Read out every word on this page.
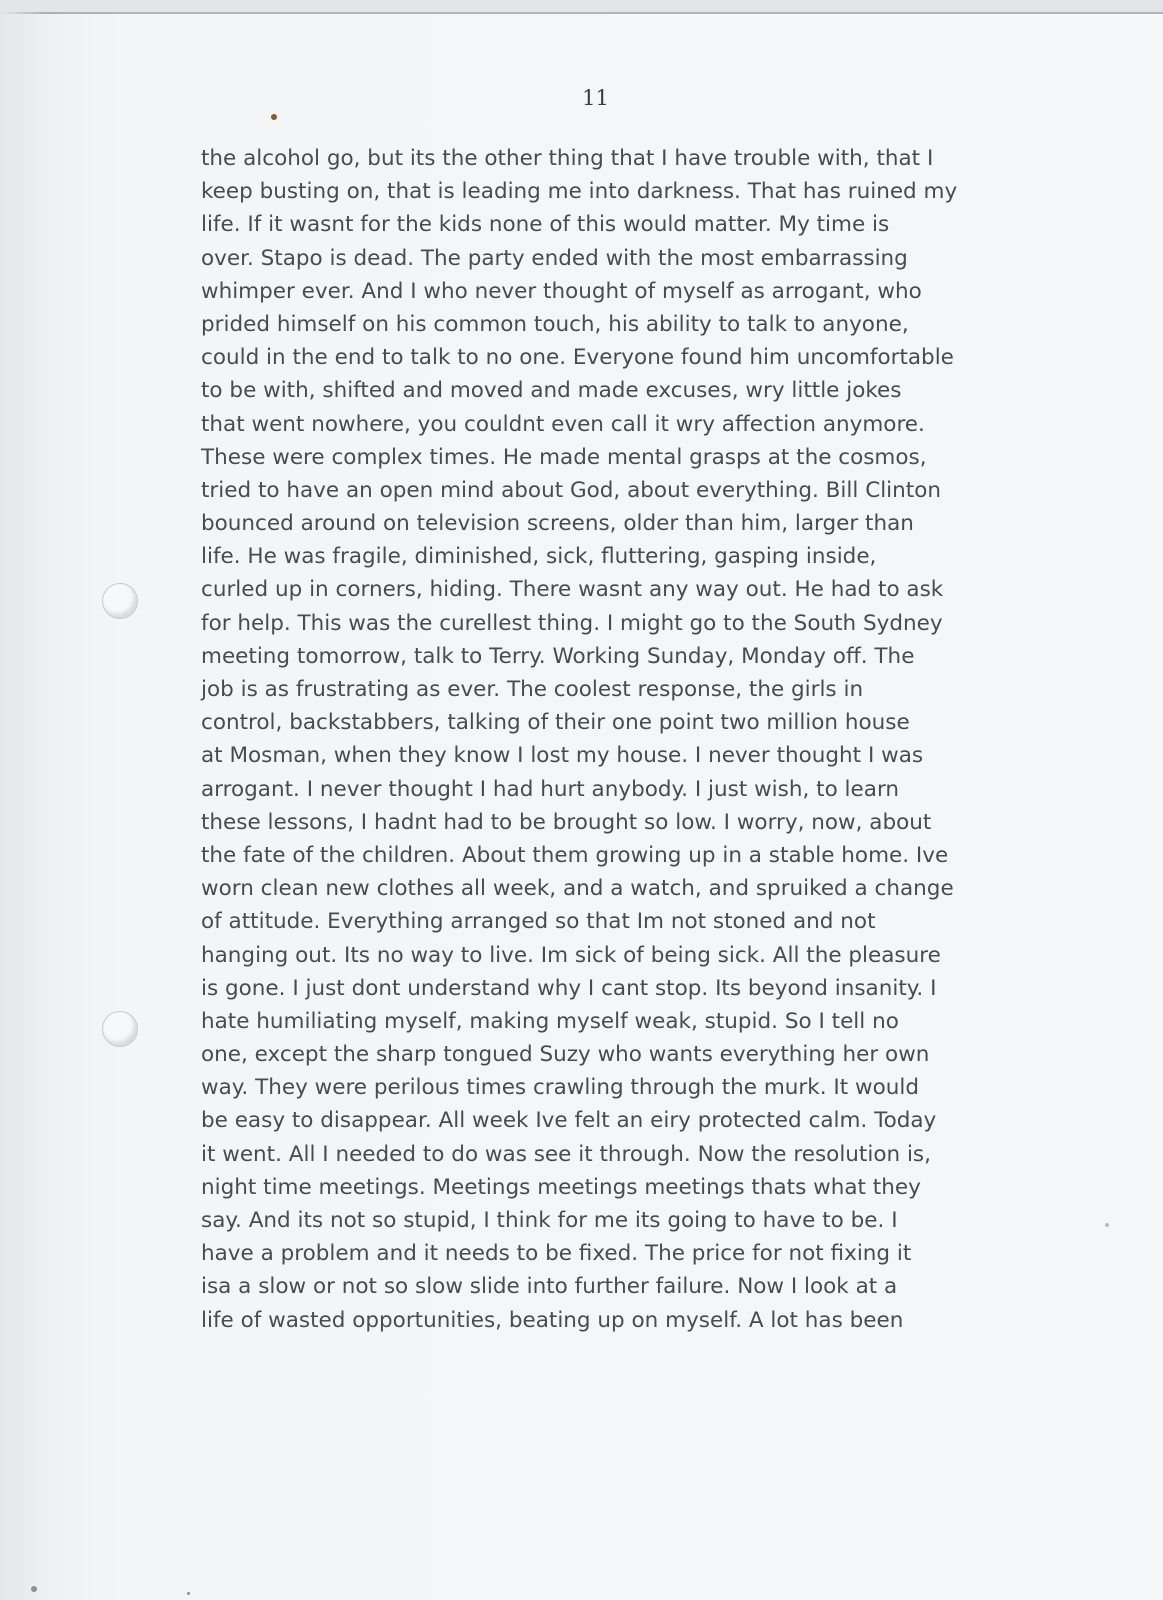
11
the alcohol go, but its the other thing that I have trouble with, that I
keep busting on, that is leading me into darkness. That has ruined my
life. If it wasnt for the kids none of this would matter. My time is
over. Stapo is dead. The party ended with the most embarrassing
whimper ever. And I who never thought of myself as arrogant, who
prided himself on his common touch, his ability to talk to anyone,
could in the end to talk to no one. Everyone found him uncomfortable
to be with, shifted and moved and made excuses, wry little jokes
that went nowhere, you couldnt even call it wry affection anymore.
These were complex times. He made mental grasps at the cosmos,
tried to have an open mind about God, about everything. Bill Clinton
bounced around on television screens, older than him, larger than
life. He was fragile, diminished, sick, fluttering, gasping inside,
curled up in corners, hiding. There wasnt any way out. He had to ask
for help. This was the curellest thing. I might go to the South Sydney
meeting tomorrow, talk to Terry. Working Sunday, Monday off. The
job is as frustrating as ever. The coolest response, the girls in
control, backstabbers, talking of their one point two million house
at Mosman, when they know I lost my house. I never thought I was
arrogant. I never thought I had hurt anybody. I just wish, to learn
these lessons, I hadnt had to be brought so low. I worry, now, about
the fate of the children. About them growing up in a stable home. Ive
worn clean new clothes all week, and a watch, and spruiked a change
of attitude. Everything arranged so that Im not stoned and not
hanging out. Its no way to live. Im sick of being sick. All the pleasure
is gone. I just dont understand why I cant stop. Its beyond insanity. I
hate humiliating myself, making myself weak, stupid. So I tell no
one, except the sharp tongued Suzy who wants everything her own
way. They were perilous times crawling through the murk. It would
be easy to disappear. All week Ive felt an eiry protected calm. Today
it went. All I needed to do was see it through. Now the resolution is,
night time meetings. Meetings meetings meetings thats what they
say. And its not so stupid, I think for me its going to have to be. I
have a problem and it needs to be fixed. The price for not fixing it
isa a slow or not so slow slide into further failure. Now I look at a
life of wasted opportunities, beating up on myself. A lot has been
